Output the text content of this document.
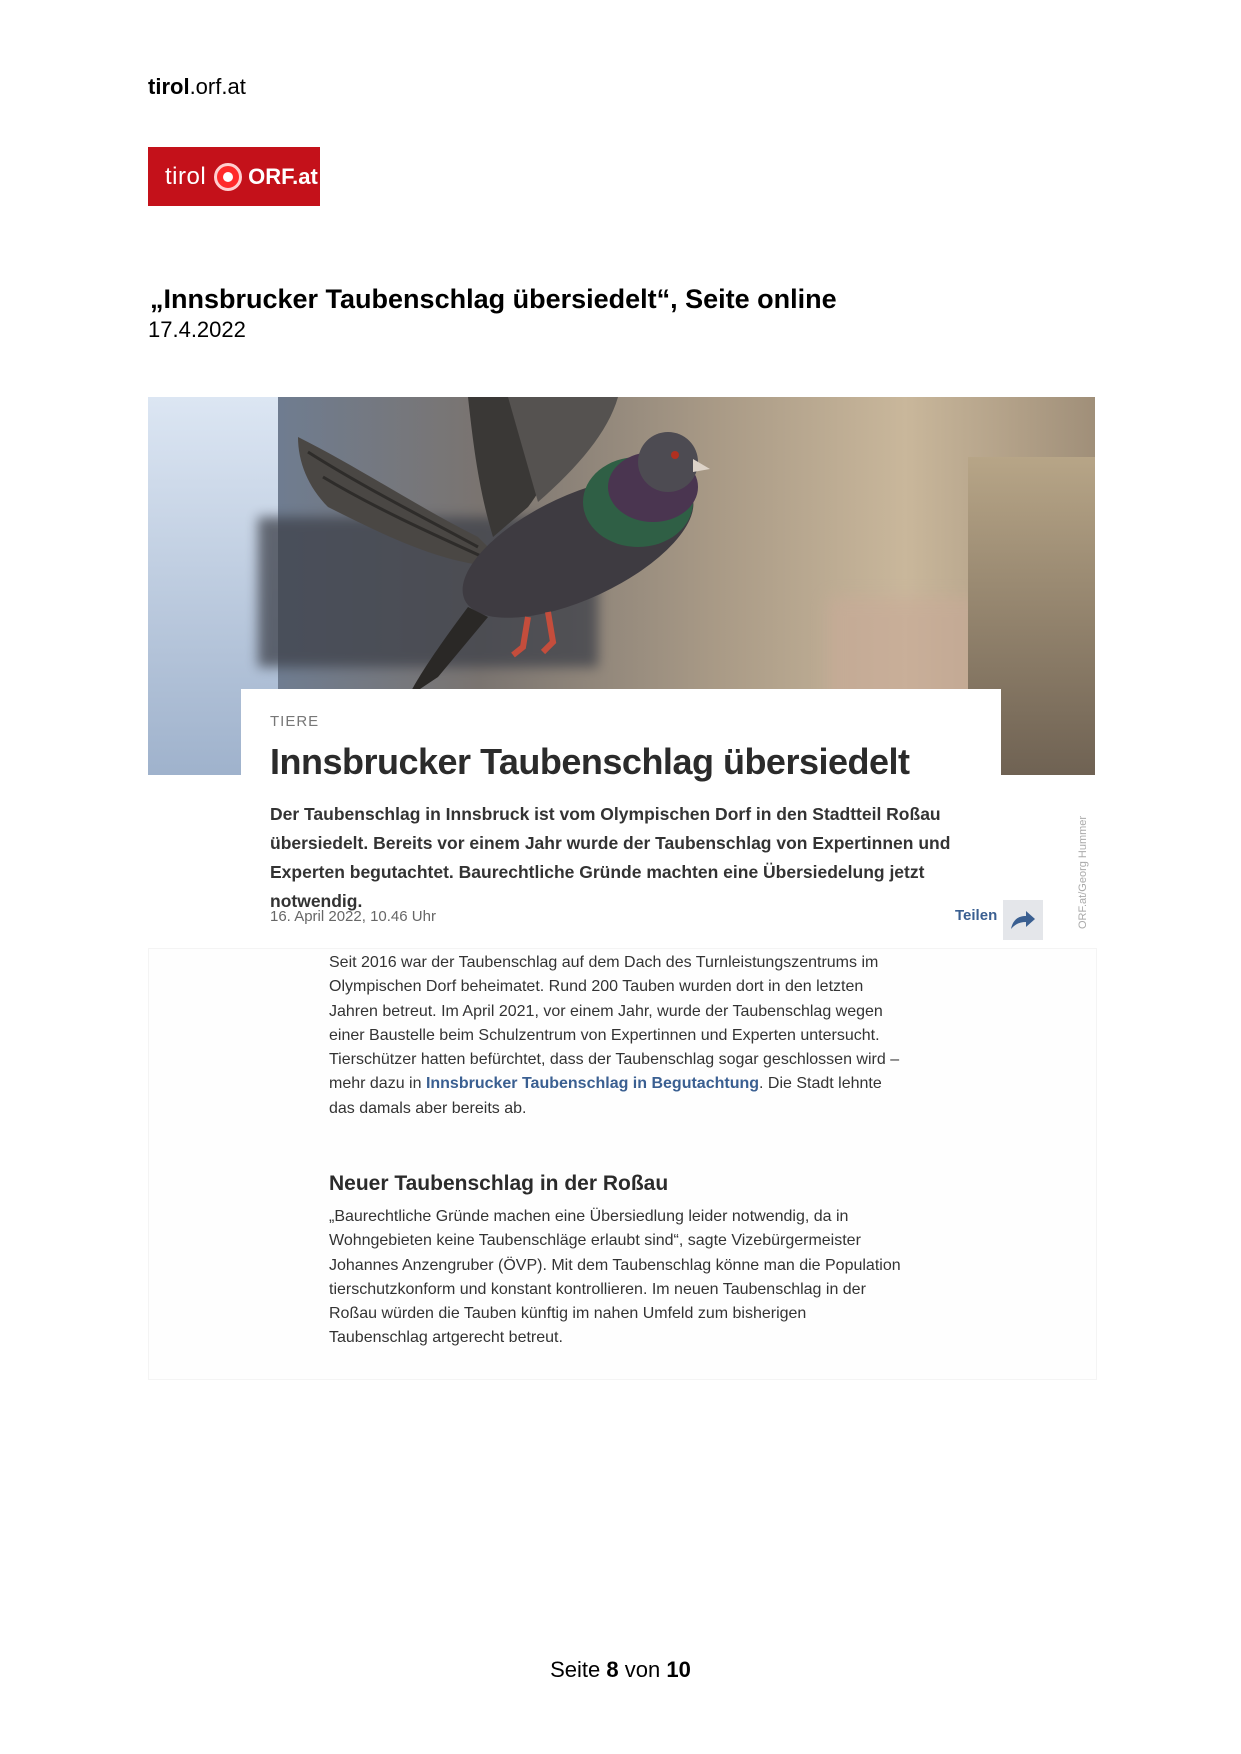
tirol.orf.at
tirol ORF.at
„Innsbrucker Taubenschlag übersiedelt“, Seite online
17.4.2022
TIERE
Innsbrucker Taubenschlag übersiedelt
Der Taubenschlag in Innsbruck ist vom Olympischen Dorf in den Stadtteil Roßau übersiedelt. Bereits vor einem Jahr wurde der Taubenschlag von Expertinnen und Experten begutachtet. Baurechtliche Gründe machten eine Übersiedelung jetzt notwendig.
16. April 2022, 10.46 Uhr	Teilen	ORF.at/Georg Hummer

Seit 2016 war der Taubenschlag auf dem Dach des Turnleistungszentrums im Olympischen Dorf beheimatet. Rund 200 Tauben wurden dort in den letzten Jahren betreut. Im April 2021, vor einem Jahr, wurde der Taubenschlag wegen einer Baustelle beim Schulzentrum von Expertinnen und Experten untersucht. Tierschützer hatten befürchtet, dass der Taubenschlag sogar geschlossen wird – mehr dazu in Innsbrucker Taubenschlag in Begutachtung. Die Stadt lehnte das damals aber bereits ab.

Neuer Taubenschlag in der Roßau
„Baurechtliche Gründe machen eine Übersiedlung leider notwendig, da in Wohngebieten keine Taubenschläge erlaubt sind“, sagte Vizebürgermeister Johannes Anzengruber (ÖVP). Mit dem Taubenschlag könne man die Population tierschutzkonform und konstant kontrollieren. Im neuen Taubenschlag in der Roßau würden die Tauben künftig im nahen Umfeld zum bisherigen Taubenschlag artgerecht betreut.
Seite 8 von 10
